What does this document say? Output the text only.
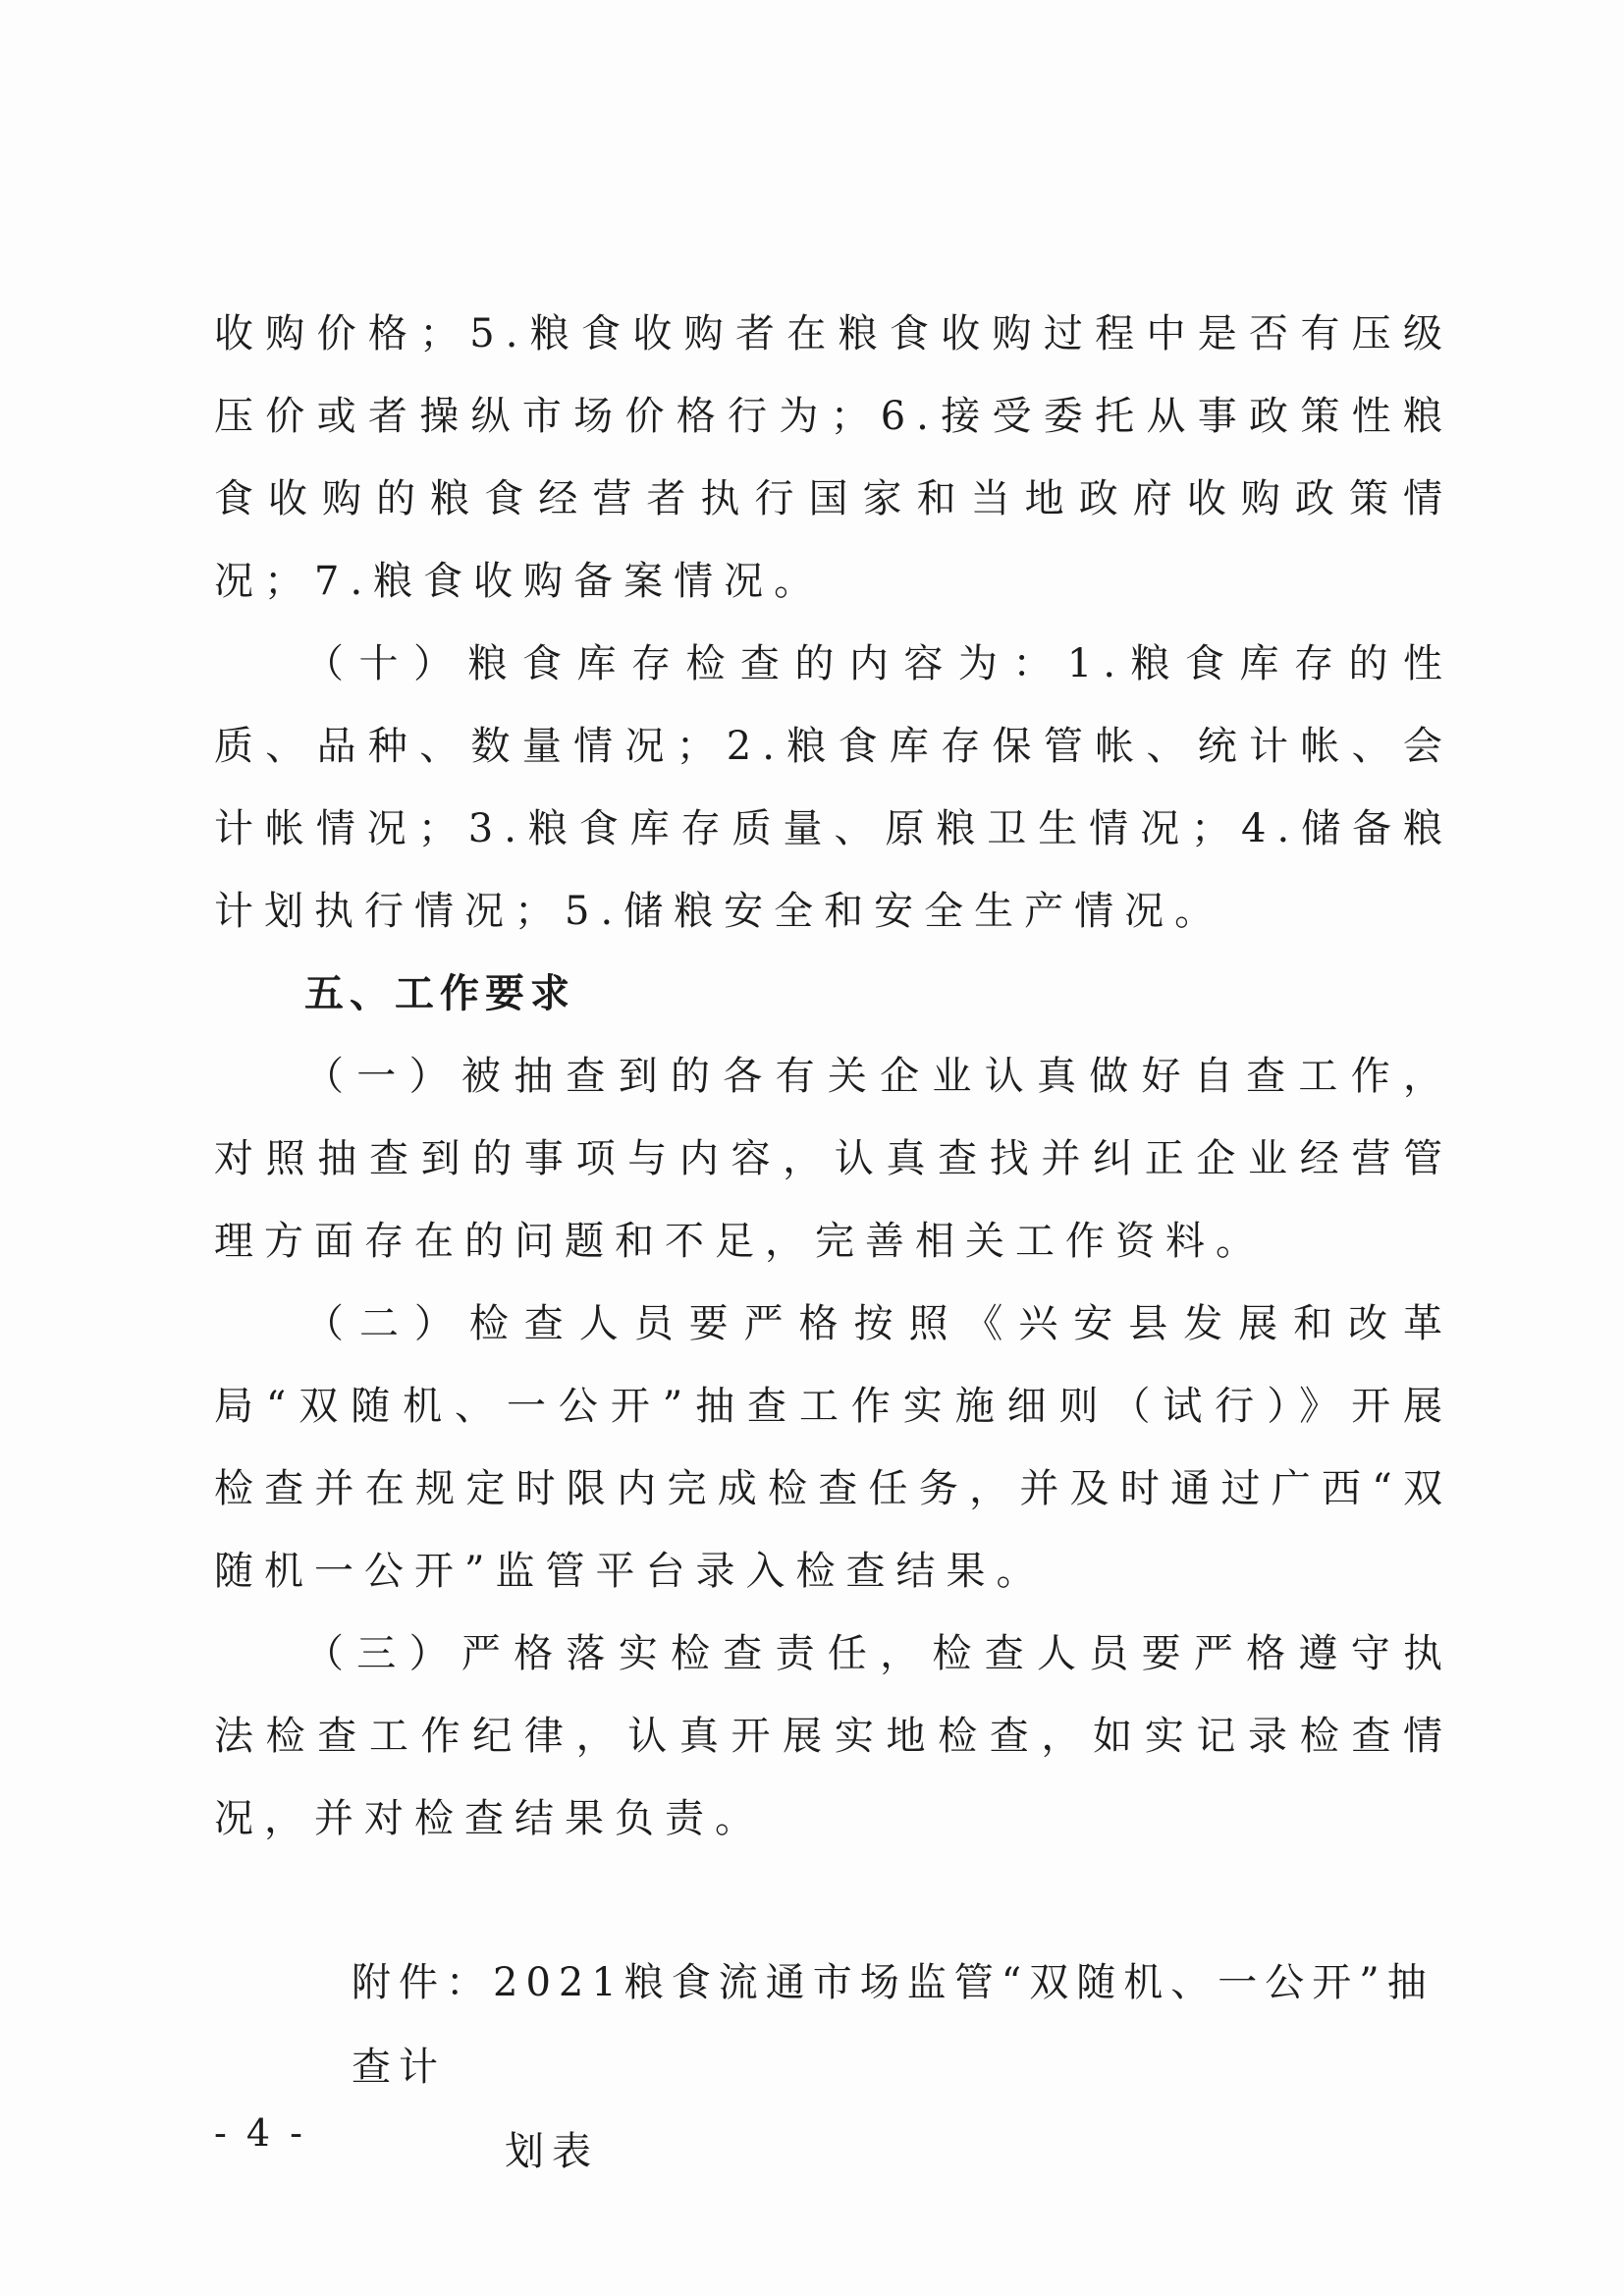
收购价格；5.粮食收购者在粮食收购过程中是否有压级压价或者操纵市场价格行为；6.接受委托从事政策性粮食收购的粮食经营者执行国家和当地政府收购政策情况；7.粮食收购备案情况。

（十）粮食库存检查的内容为：1.粮食库存的性质、品种、数量情况；2.粮食库存保管帐、统计帐、会计帐情况；3.粮食库存质量、原粮卫生情况；4.储备粮计划执行情况；5.储粮安全和安全生产情况。

五、工作要求

（一）被抽查到的各有关企业认真做好自查工作，对照抽查到的事项与内容，认真查找并纠正企业经营管理方面存在的问题和不足，完善相关工作资料。

（二）检查人员要严格按照《兴安县发展和改革局“双随机、一公开”抽查工作实施细则（试行）》开展检查并在规定时限内完成检查任务，并及时通过广西“双随机一公开”监管平台录入检查结果。

（三）严格落实检查责任，检查人员要严格遵守执法检查工作纪律，认真开展实地检查，如实记录检查情况，并对检查结果负责。

附件：2021粮食流通市场监管“双随机、一公开”抽查计
划表
- 4 -
